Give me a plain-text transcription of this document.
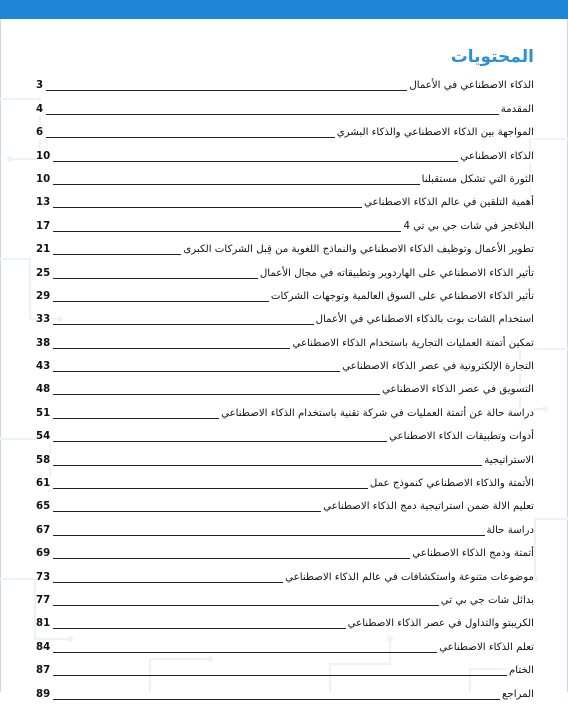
المحتويات
الذكاء الاصطناعي في الأعمال
3
المقدمة
4
المواجهة بين الذكاء الاصطناعي والذكاء البشري
6
الذكاء الاصطناعي
10
الثورة التي تشكل مستقبلنا
10
أهمية التلقين في عالم الذكاء الاصطناعي
13
البلاغجز في شات جي بي تي 4
17
تطوير الأعمال وتوظيف الذكاء الاصطناعي والنماذج اللغوية من قِبل الشركات الكبرى
21
تأثير الذكاء الاصطناعي على الهاردوير وتطبيقاته في مجال الأعمال
25
تأثير الذكاء الاصطناعي على السوق العالمية وتوجهات الشركات
29
استخدام الشات بوت بالذكاء الاصطناعي في الأعمال
33
تمكين أتمتة العمليات التجارية باستخدام الذكاء الاصطناعي
38
التجارة الإلكترونية في عصر الذكاء الاصطناعي
43
التسويق في عصر الذكاء الاصطناعي
48
دراسة حالة عن أتمتة العمليات في شركة تقنية باستخدام الذكاء الاصطناعي
51
أدوات وتطبيقات الذكاء الاصطناعي
54
الاستراتيجية
58
الأتمتة والذكاء الاصطناعي كنموذج عمل
61
تعليم الالة ضمن استراتيجية دمج الذكاء الاصطناعي
65
دراسة حالة
67
أتمتة ودمج الذكاء الاصطناعي
69
موضوعات متنوعة واستكشافات في عالم الذكاء الاصطناعي
73
بدائل شات جي بي تي
77
الكريبتو والتداول في عصر الذكاء الاصطناعي
81
تعلم الذكاء الاصطناعي
84
الختام
87
المراجع
89
